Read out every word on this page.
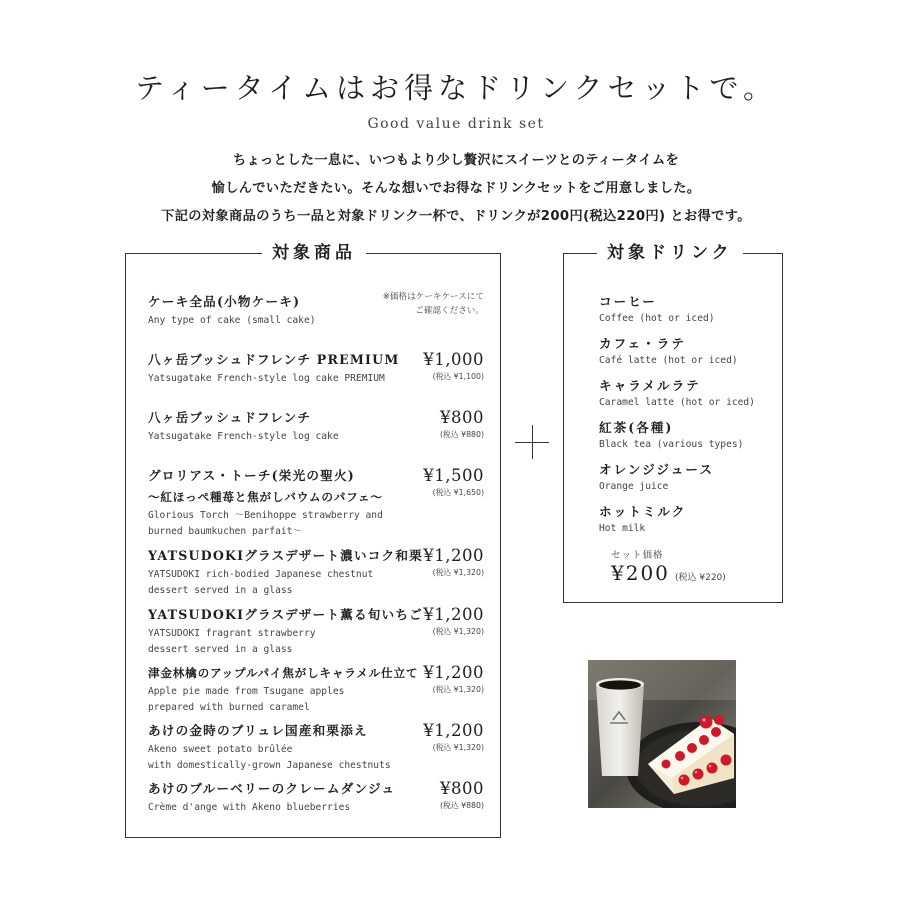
ティータイムはお得なドリンクセットで。
Good value drink set
ちょっとした一息に、いつもより少し贅沢にスイーツとのティータイムを
愉しんでいただきたい。そんな想いでお得なドリンクセットをご用意しました。
下記の対象商品のうち一品と対象ドリンク一杯で、ドリンクが200円(税込220円) とお得です。
対象商品
ケーキ全品(小物ケーキ)
Any type of cake (small cake)
※価格はケーキケースにて
ご確認ください。
八ヶ岳ブッシュドフレンチ PREMIUM
Yatsugatake French-style log cake PREMIUM
¥1,000
(税込 ¥1,100)
八ヶ岳ブッシュドフレンチ
Yatsugatake French-style log cake
¥800
(税込 ¥880)
グロリアス・トーチ(栄光の聖火)
〜紅ほっぺ種苺と焦がしバウムのパフェ〜
Glorious Torch 〜Benihoppe strawberry and
burned baumkuchen parfait〜
¥1,500
(税込 ¥1,650)
YATSUDOKIグラスデザート濃いコク和栗
YATSUDOKI rich-bodied Japanese chestnut
dessert served in a glass
¥1,200
(税込 ¥1,320)
YATSUDOKIグラスデザート薫る旬いちご
YATSUDOKI fragrant strawberry
dessert served in a glass
¥1,200
(税込 ¥1,320)
津金林檎のアップルパイ焦がしキャラメル仕立て
Apple pie made from Tsugane apples
prepared with burned caramel
¥1,200
(税込 ¥1,320)
あけの金時のブリュレ国産和栗添え
Akeno sweet potato brûlée
with domestically-grown Japanese chestnuts
¥1,200
(税込 ¥1,320)
あけのブルーベリーのクレームダンジュ
Crème d'ange with Akeno blueberries
¥800
(税込 ¥880)
対象ドリンク
コーヒー
Coffee (hot or iced)
カフェ・ラテ
Café latte (hot or iced)
キャラメルラテ
Caramel latte (hot or iced)
紅茶(各種)
Black tea (various types)
オレンジジュース
Orange juice
ホットミルク
Hot milk
セット価格
¥200 (税込 ¥220)
